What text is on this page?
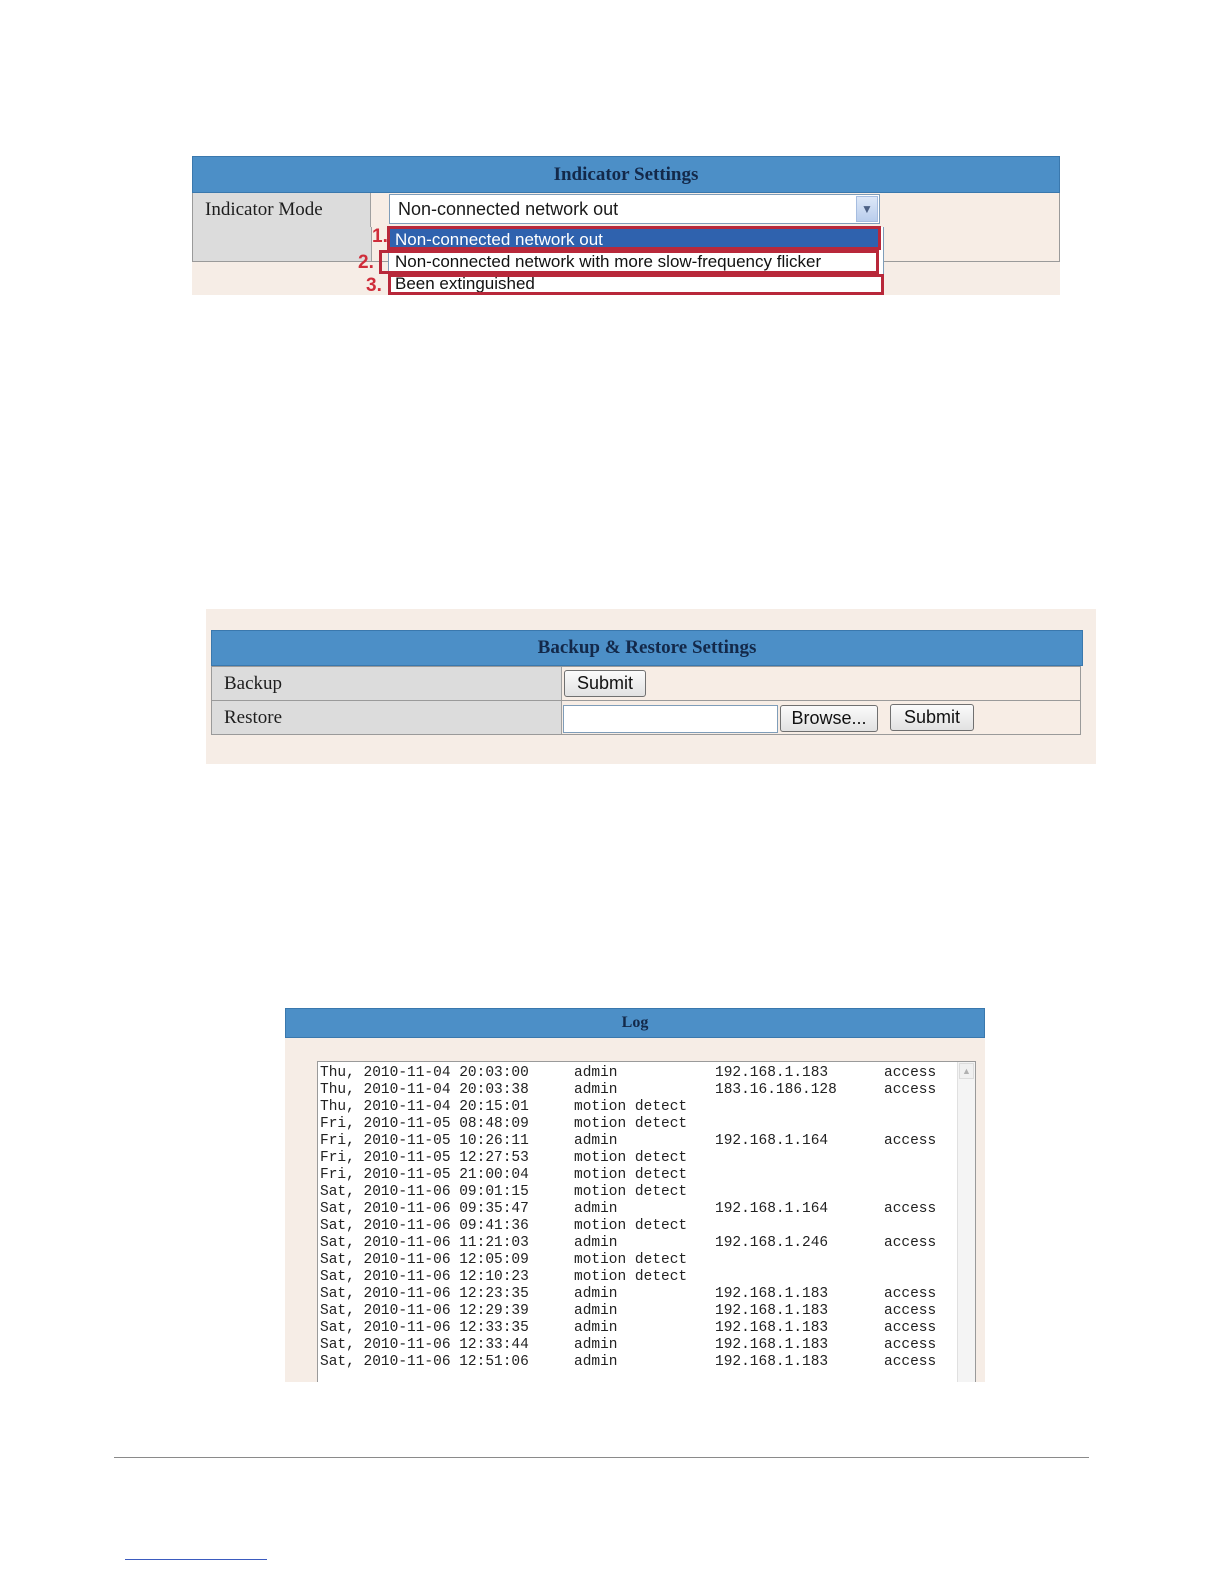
Indicator Settings
Indicator Mode	Non-connected network out	▼
Non-connected network out
Non-connected network with more slow-frequency flicker
Been extinguished
1.
2.
3.
Backup & Restore Settings
Backup	Submit
Restore	Browse...	Submit
Log
Thu, 2010-11-04 20:03:00	admin	192.168.1.183	access
Thu, 2010-11-04 20:03:38	admin	183.16.186.128	access
Thu, 2010-11-04 20:15:01	motion detect
Fri, 2010-11-05 08:48:09	motion detect
Fri, 2010-11-05 10:26:11	admin	192.168.1.164	access
Fri, 2010-11-05 12:27:53	motion detect
Fri, 2010-11-05 21:00:04	motion detect
Sat, 2010-11-06 09:01:15	motion detect
Sat, 2010-11-06 09:35:47	admin	192.168.1.164	access
Sat, 2010-11-06 09:41:36	motion detect
Sat, 2010-11-06 11:21:03	admin	192.168.1.246	access
Sat, 2010-11-06 12:05:09	motion detect
Sat, 2010-11-06 12:10:23	motion detect
Sat, 2010-11-06 12:23:35	admin	192.168.1.183	access
Sat, 2010-11-06 12:29:39	admin	192.168.1.183	access
Sat, 2010-11-06 12:33:35	admin	192.168.1.183	access
Sat, 2010-11-06 12:33:44	admin	192.168.1.183	access
Sat, 2010-11-06 12:51:06	admin	192.168.1.183	access
▲
